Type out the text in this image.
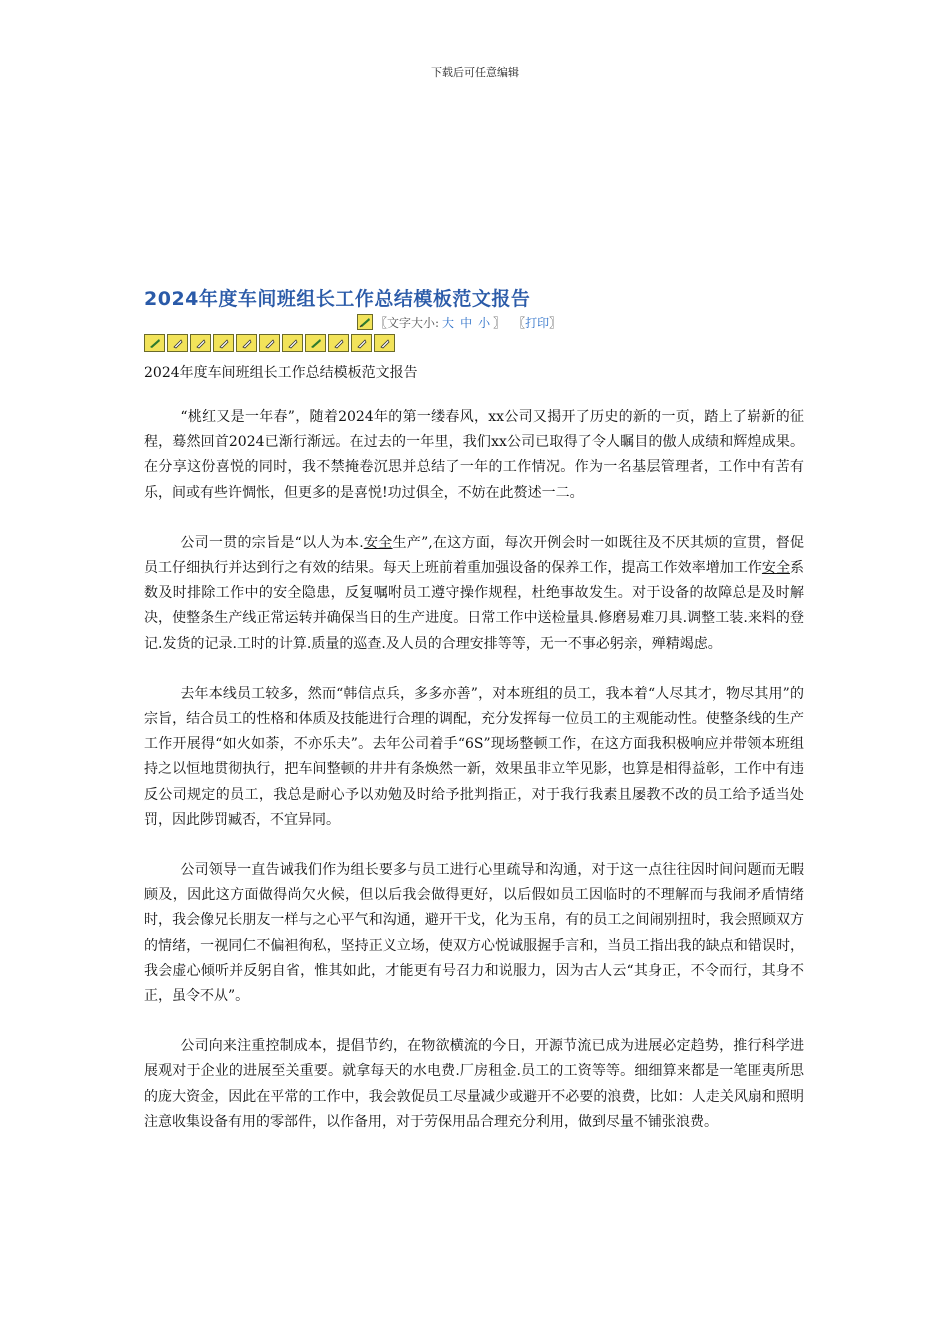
下载后可任意编辑
2024年度车间班组长工作总结模板范文报告
〖文字大小: 大 中 小 〗 〖 打印 〗
2024年度车间班组长工作总结模板范文报告

“桃红又是一年春”，随着2024年的第一缕春风，xx公司又揭开了历史的新的一页，踏上了崭新的征程，蓦然回首2024已渐行渐远。在过去的一年里，我们xx公司已取得了令人瞩目的傲人成绩和辉煌成果。在分享这份喜悦的同时，我不禁掩卷沉思并总结了一年的工作情况。作为一名基层管理者，工作中有苦有乐，间或有些许惆怅，但更多的是喜悦!功过俱全，不妨在此赘述一二。

公司一贯的宗旨是“以人为本.安全生产”,在这方面，每次开例会时一如既往及不厌其烦的宣贯，督促员工仔细执行并达到行之有效的结果。每天上班前着重加强设备的保养工作，提高工作效率增加工作安全系数及时排除工作中的安全隐患，反复嘱咐员工遵守操作规程，杜绝事故发生。对于设备的故障总是及时解决，使整条生产线正常运转并确保当日的生产进度。日常工作中送检量具.修磨易难刀具.调整工装.来料的登记.发货的记录.工时的计算.质量的巡查.及人员的合理安排等等，无一不事必躬亲，殚精竭虑。

去年本线员工较多，然而“韩信点兵，多多亦善”，对本班组的员工，我本着“人尽其才，物尽其用”的宗旨，结合员工的性格和体质及技能进行合理的调配，充分发挥每一位员工的主观能动性。使整条线的生产工作开展得“如火如荼，不亦乐夫”。去年公司着手“6S”现场整顿工作，在这方面我积极响应并带领本班组持之以恒地贯彻执行，把车间整顿的井井有条焕然一新，效果虽非立竿见影，也算是相得益彰，工作中有违反公司规定的员工，我总是耐心予以劝勉及时给予批判指正，对于我行我素且屡教不改的员工给予适当处罚，因此陟罚臧否，不宜异同。

公司领导一直告诫我们作为组长要多与员工进行心里疏导和沟通，对于这一点往往因时间问题而无暇顾及，因此这方面做得尚欠火候，但以后我会做得更好，以后假如员工因临时的不理解而与我闹矛盾情绪时，我会像兄长朋友一样与之心平气和沟通，避开干戈，化为玉帛，有的员工之间闹别扭时，我会照顾双方的情绪，一视同仁不偏袒徇私，坚持正义立场，使双方心悦诚服握手言和，当员工指出我的缺点和错误时，我会虚心倾听并反躬自省，惟其如此，才能更有号召力和说服力，因为古人云“其身正，不令而行，其身不正，虽令不从”。

公司向来注重控制成本，提倡节约，在物欲横流的今日，开源节流已成为进展必定趋势，推行科学进展观对于企业的进展至关重要。就拿每天的水电费.厂房租金.员工的工资等等。细细算来都是一笔匪夷所思的庞大资金，因此在平常的工作中，我会敦促员工尽量减少或避开不必要的浪费，比如：人走关风扇和照明注意收集设备有用的零部件，以作备用，对于劳保用品合理充分利用，做到尽量不铺张浪费。
